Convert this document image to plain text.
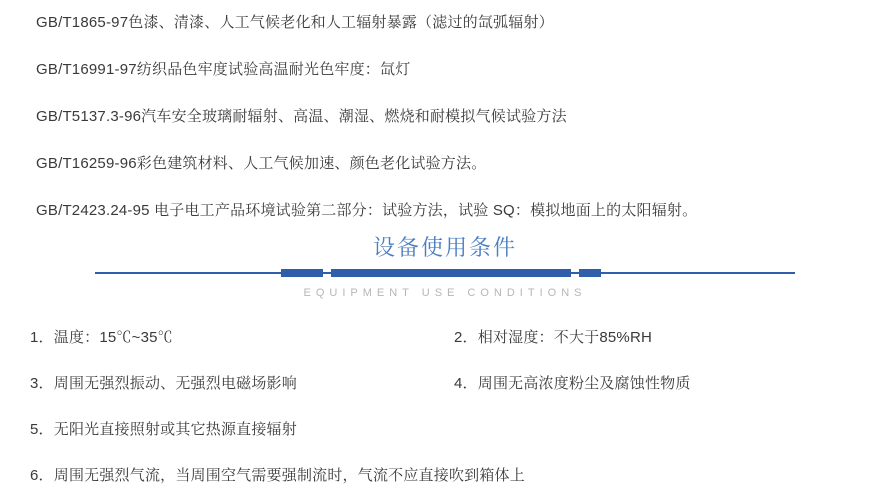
GB/T1865-97色漆、清漆、人工气候老化和人工辐射暴露（滤过的氙弧辐射）
GB/T16991-97纺织品色牢度试验高温耐光色牢度：氙灯
GB/T5137.3-96汽车安全玻璃耐辐射、高温、潮湿、燃烧和耐模拟气候试验方法
GB/T16259-96彩色建筑材料、人工气候加速、颜色老化试验方法。
GB/T2423.24-95 电子电工产品环境试验第二部分：试验方法，试验 SQ：模拟地面上的太阳辐射。
设备使用条件
EQUIPMENT USE CONDITIONS
1．温度：15℃~35℃	2．相对湿度：不大于85%RH
3．周围无强烈振动、无强烈电磁场影响	4．周围无高浓度粉尘及腐蚀性物质
5．无阳光直接照射或其它热源直接辐射
6．周围无强烈气流，当周围空气需要强制流时，气流不应直接吹到箱体上
